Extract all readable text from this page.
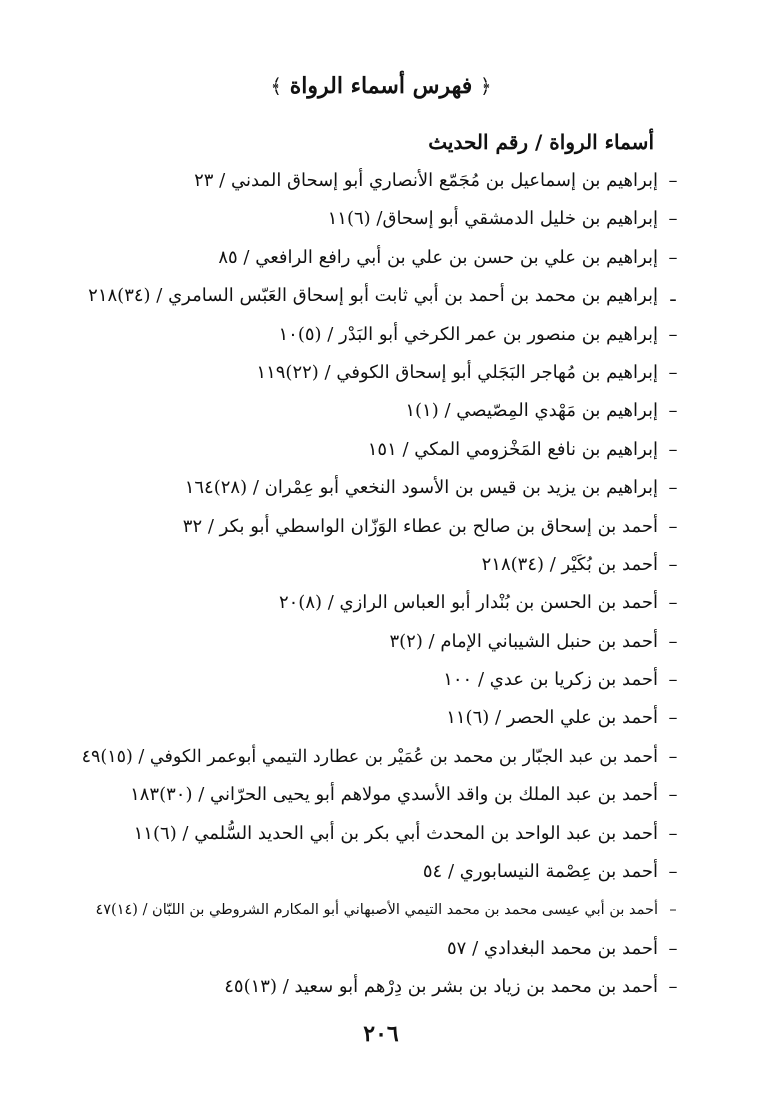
﴿ فهرس أسماء الرواة ﴾
أسماء الرواة / رقم الحديث
–
إبراهيم بن إسماعيل بن مُجَمّع الأنصاري أبو إسحاق المدني / ٢٣
–
إبراهيم بن خليل الدمشقي أبو إسحاق/ (٦)١١
–
إبراهيم بن علي بن حسن بن علي بن أبي رافع الرافعي / ٨٥
ـ
إبراهيم بن محمد بن أحمد بن أبي ثابت أبو إسحاق العَبّس السامري / (٣٤)٢١٨
–
إبراهيم بن منصور بن عمر الكرخي أبو البَدْر / (٥)١٠
–
إبراهيم بن مُهاجر البَجَلي أبو إسحاق الكوفي / (٢٢)١١٩
–
إبراهيم بن مَهْدي المِصّيصي / (١)١
–
إبراهيم بن نافع المَخْزومي المكي / ١٥١
–
إبراهيم بن يزيد بن قيس بن الأسود النخعي أبو عِمْران / (٢٨)١٦٤
–
أحمد بن إسحاق بن صالح بن عطاء الوَزّان الواسطي أبو بكر / ٣٢
–
أحمد بن بُكَيْر / (٣٤)٢١٨
–
أحمد بن الحسن بن بُنْدار أبو العباس الرازي / (٨)٢٠
–
أحمد بن حنبل الشيباني الإمام / (٢)٣
–
أحمد بن زكريا بن عدي / ١٠٠
–
أحمد بن علي الحصر / (٦)١١
–
أحمد بن عبد الجبّار بن محمد بن عُمَيْر بن عطارد التيمي أبوعمر الكوفي / (١٥)٤٩
–
أحمد بن عبد الملك بن واقد الأسدي مولاهم أبو يحيى الحرّاني / (٣٠)١٨٣
–
أحمد بن عبد الواحد بن المحدث أبي بكر بن أبي الحديد السُّلمي / (٦)١١
–
أحمد بن عِصْمة النيسابوري / ٥٤
–
أحمد بن أبي عيسى محمد بن محمد التيمي الأصبهاني أبو المكارم الشروطي بن اللبّان / (١٤)٤٧
–
أحمد بن محمد البغدادي / ٥٧
–
أحمد بن محمد بن زياد بن بشر بن دِرْهم أبو سعيد / (١٣)٤٥
٢٠٦
